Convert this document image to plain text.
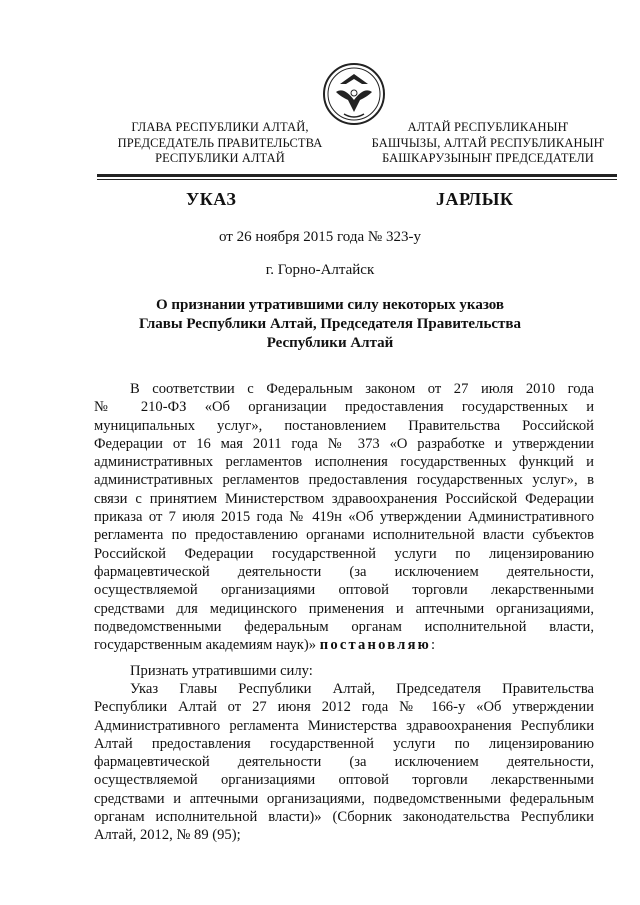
ГЛАВА РЕСПУБЛИКИ АЛТАЙ,
ПРЕДСЕДАТЕЛЬ ПРАВИТЕЛЬСТВА
РЕСПУБЛИКИ АЛТАЙ
АЛТАЙ РЕСПУБЛИКАНЫҤ
БАШЧЫЗЫ, АЛТАЙ РЕСПУБЛИКАНЫҤ
БАШКАРУЗЫНЫҤ ПРЕДСЕДАТЕЛИ
УКАЗ	ЈАРЛЫК
от 26 ноября 2015 года № 323-у
г. Горно-Алтайск
О признании утратившими силу некоторых указов
Главы Республики Алтай, Председателя Правительства
Республики Алтай
В соответствии с Федеральным законом от 27 июля 2010 года
№ 210-ФЗ «Об организации предоставления государственных и
муниципальных услуг», постановлением Правительства Российской
Федерации от 16 мая 2011 года № 373 «О разработке и утверждении
административных регламентов исполнения государственных функций и
административных регламентов предоставления государственных услуг», в
связи с принятием Министерством здравоохранения Российской Федерации
приказа от 7 июля 2015 года № 419н «Об утверждении Административного
регламента по предоставлению органами исполнительной власти субъектов
Российской Федерации государственной услуги по лицензированию
фармацевтической деятельности (за исключением деятельности,
осуществляемой организациями оптовой торговли лекарственными
средствами для медицинского применения и аптечными организациями,
подведомственными федеральным органам исполнительной власти,
государственным академиям наук)» постановляю:
Признать утратившими силу:
Указ Главы Республики Алтай, Председателя Правительства
Республики Алтай от 27 июня 2012 года № 166-у «Об утверждении
Административного регламента Министерства здравоохранения Республики
Алтай предоставления государственной услуги по лицензированию
фармацевтической деятельности (за исключением деятельности,
осуществляемой организациями оптовой торговли лекарственными
средствами и аптечными организациями, подведомственными федеральным
органам исполнительной власти)» (Сборник законодательства Республики
Алтай, 2012, № 89 (95);
